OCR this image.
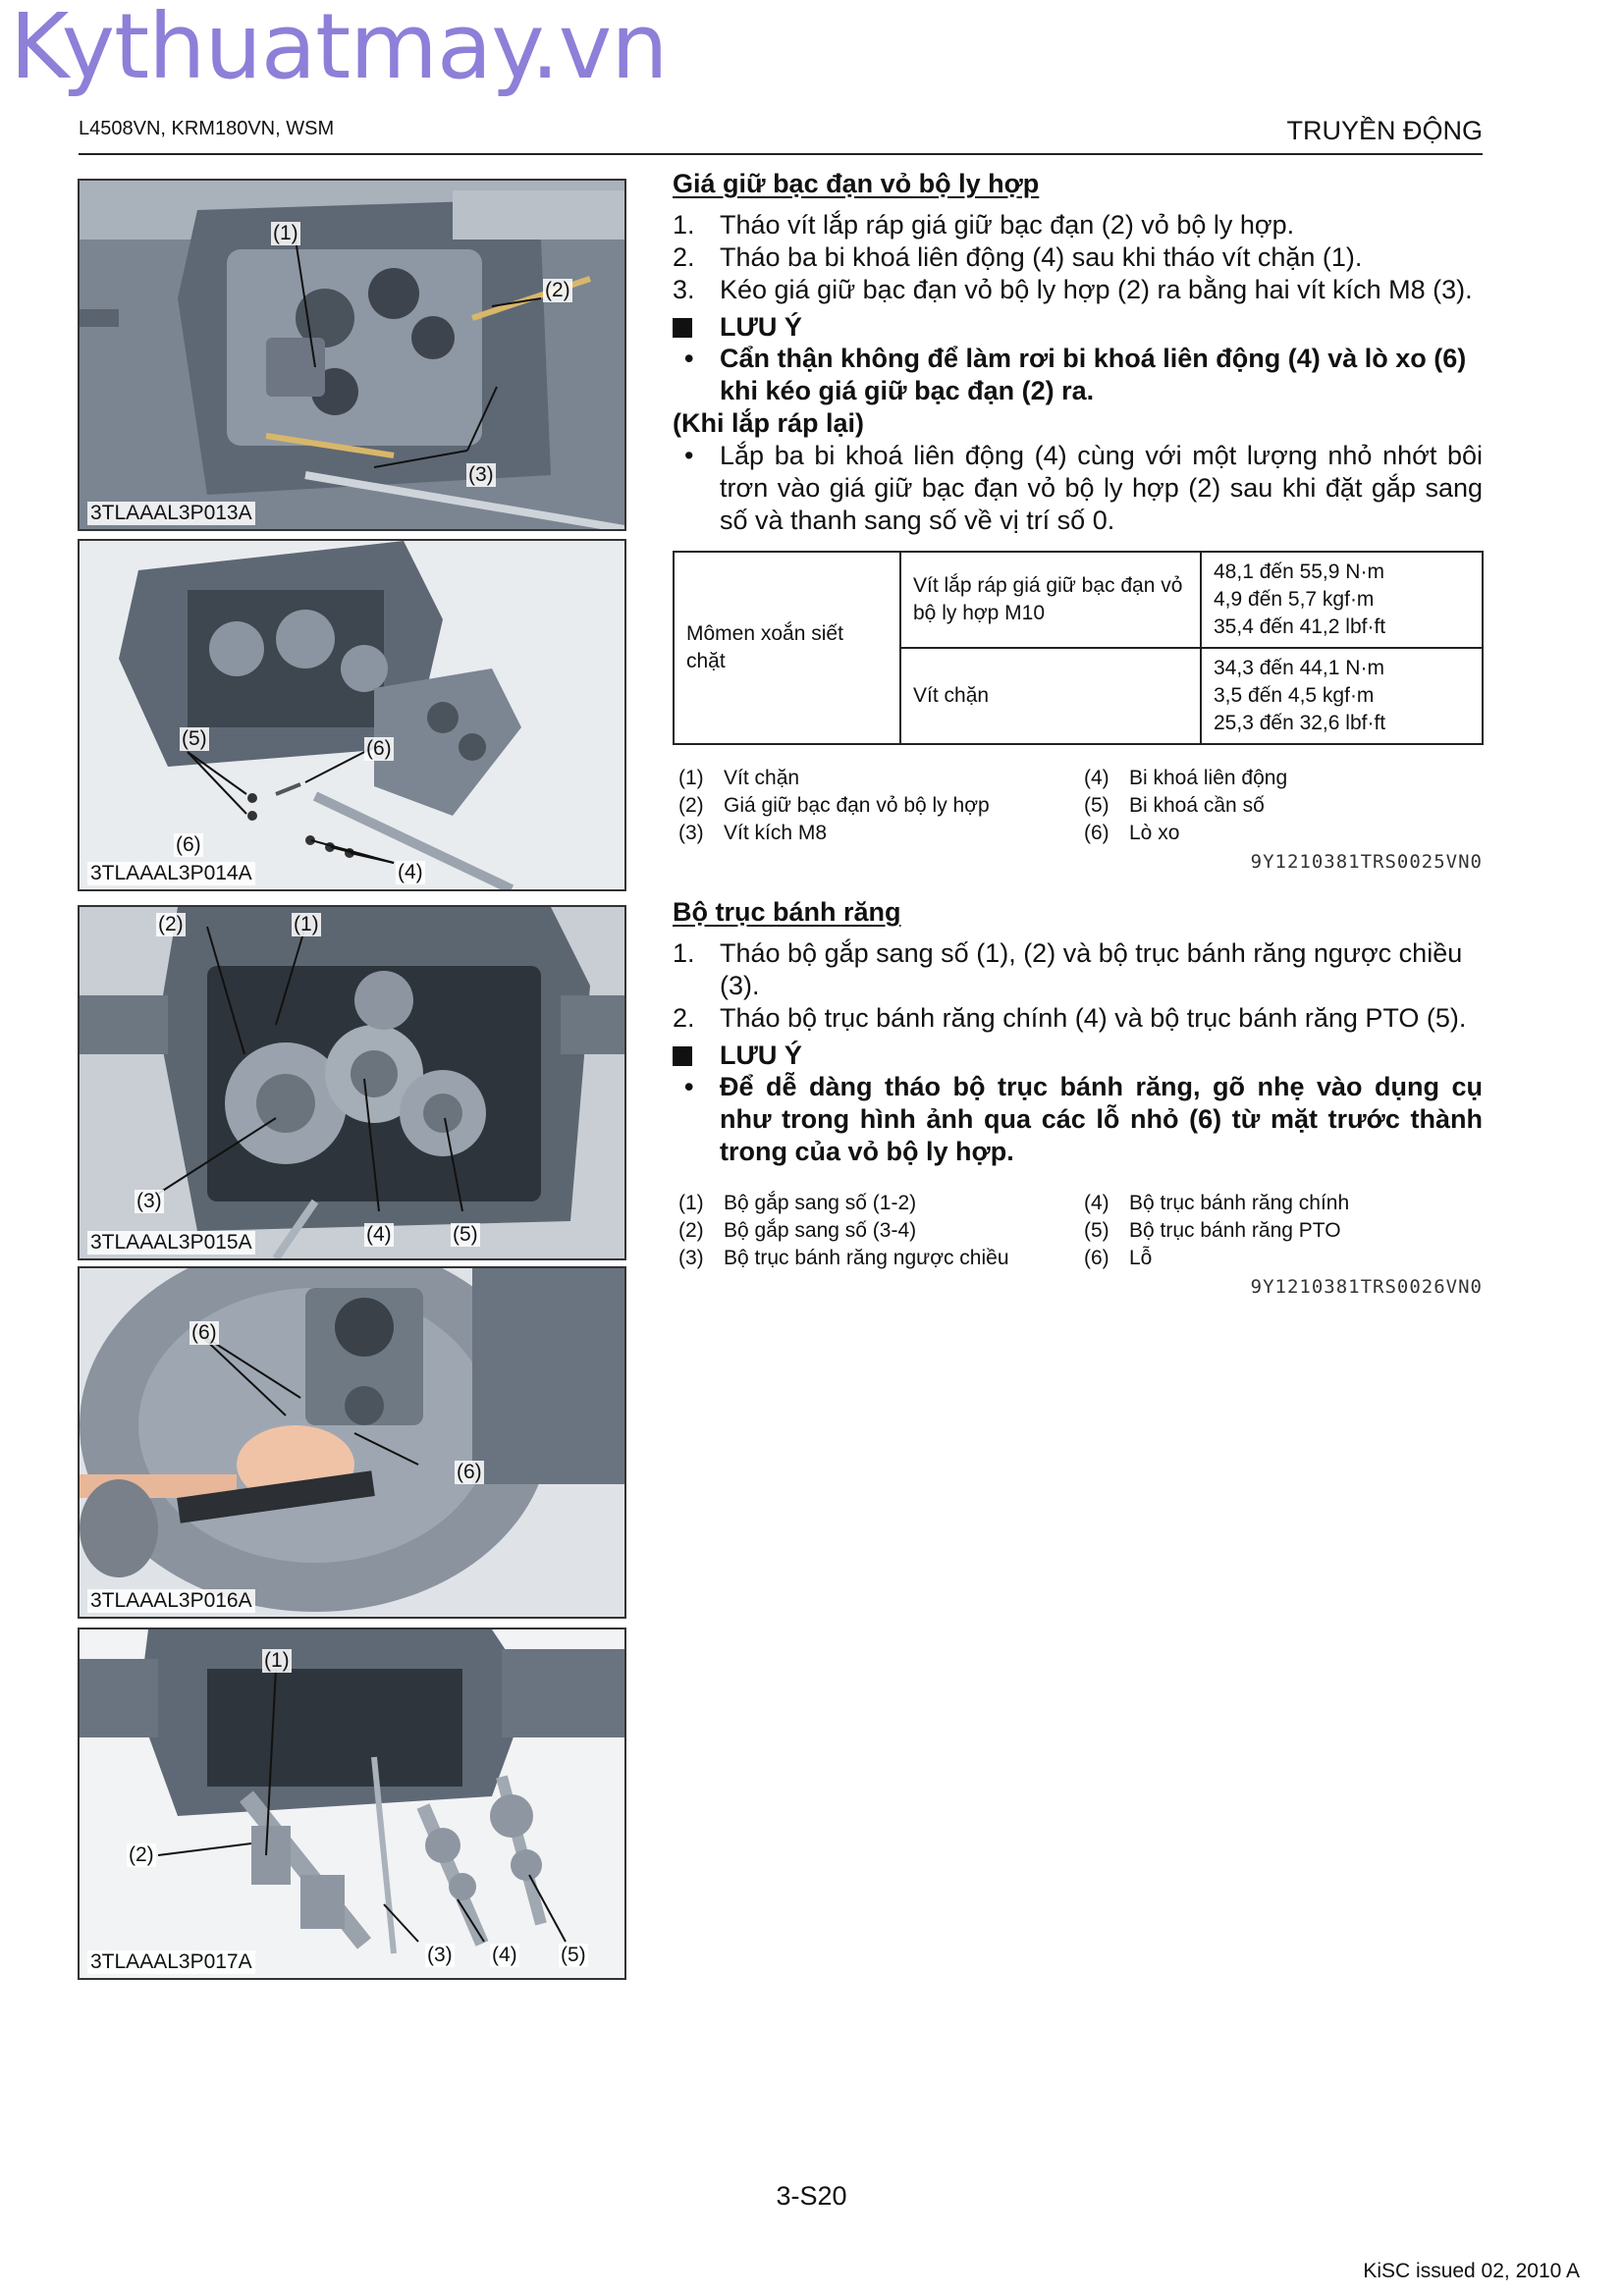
Kythuatmay.vn
L4508VN, KRM180VN, WSM	TRUYỀN ĐỘNG
(1)
(2)
(3)
3TLAAAL3P013A
(5)	(6)
(6)
(4)
3TLAAAL3P014A
(2)	(1)
(3)
(4)	(5)
3TLAAAL3P015A
(6)
(6)
3TLAAAL3P016A
(1)
(2)
(3) (4) (5)
3TLAAAL3P017A
Giá giữ bạc đạn vỏ bộ ly hợp
1. Tháo vít lắp ráp giá giữ bạc đạn (2) vỏ bộ ly hợp.
2. Tháo ba bi khoá liên động (4) sau khi tháo vít chặn (1).
3. Kéo giá giữ bạc đạn vỏ bộ ly hợp (2) ra bằng hai vít kích M8 (3).
LƯU Ý
• Cẩn thận không để làm rơi bi khoá liên động (4) và lò xo (6) khi kéo giá giữ bạc đạn (2) ra.
(Khi lắp ráp lại)
• Lắp ba bi khoá liên động (4) cùng với một lượng nhỏ nhớt bôi trơn vào giá giữ bạc đạn vỏ bộ ly hợp (2) sau khi đặt gắp sang số và thanh sang số về vị trí số 0.
Mômen xoắn siết chặt	Vít lắp ráp giá giữ bạc đạn vỏ bộ ly hợp M10	48,1 đến 55,9 N·m
4,9 đến 5,7 kgf·m
35,4 đến 41,2 lbf·ft

	Vít chặn	34,3 đến 44,1 N·m
3,5 đến 4,5 kgf·m
25,3 đến 32,6 lbf·ft
(1) Vít chặn	(4) Bi khoá liên động
(2) Giá giữ bạc đạn vỏ bộ ly hợp	(5) Bi khoá cần số
(3) Vít kích M8	(6) Lò xo
9Y1210381TRS0025VN0
Bộ trục bánh răng
1. Tháo bộ gắp sang số (1), (2) và bộ trục bánh răng ngược chiều (3).
2. Tháo bộ trục bánh răng chính (4) và bộ trục bánh răng PTO (5).
LƯU Ý
• Để dễ dàng tháo bộ trục bánh răng, gõ nhẹ vào dụng cụ như trong hình ảnh qua các lỗ nhỏ (6) từ mặt trước thành trong của vỏ bộ ly hợp.
(1) Bộ gắp sang số (1-2)	(4) Bộ trục bánh răng chính
(2) Bộ gắp sang số (3-4)	(5) Bộ trục bánh răng PTO
(3) Bộ trục bánh răng ngược chiều	(6) Lỗ
9Y1210381TRS0026VN0
3-S20
KiSC issued 02, 2010 A
